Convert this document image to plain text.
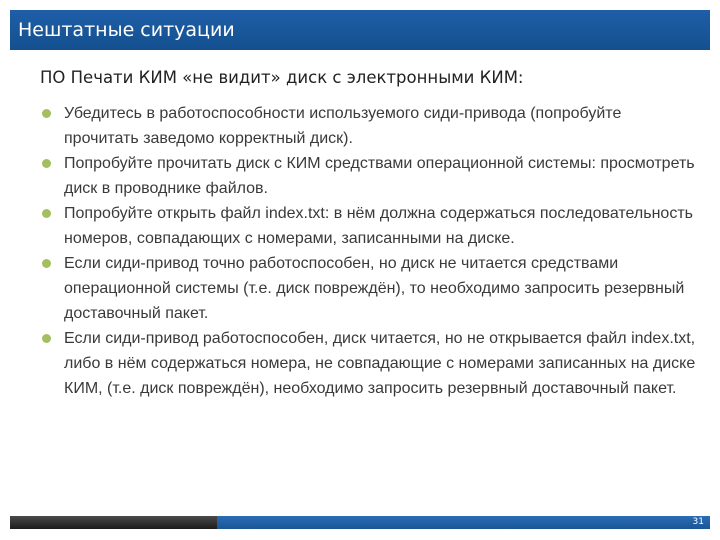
Нештатные ситуации
ПО Печати КИМ «не видит» диск с электронными КИМ:
Убедитесь в работоспособности используемого сиди-привода (попробуйте прочитать заведомо корректный диск).
Попробуйте прочитать диск с КИМ средствами операционной системы: просмотреть диск в проводнике файлов.
Попробуйте открыть файл index.txt: в нём должна содержаться последовательность номеров, совпадающих с номерами, записанными на диске.
Если сиди-привод точно работоспособен, но диск не читается средствами операционной системы (т.е. диск повреждён), то необходимо запросить резервный доставочный пакет.
Если сиди-привод работоспособен, диск читается, но не открывается файл index.txt, либо в нём содержаться номера, не совпадающие с номерами записанных на диске КИМ, (т.е. диск повреждён), необходимо запросить резервный доставочный пакет.
31
